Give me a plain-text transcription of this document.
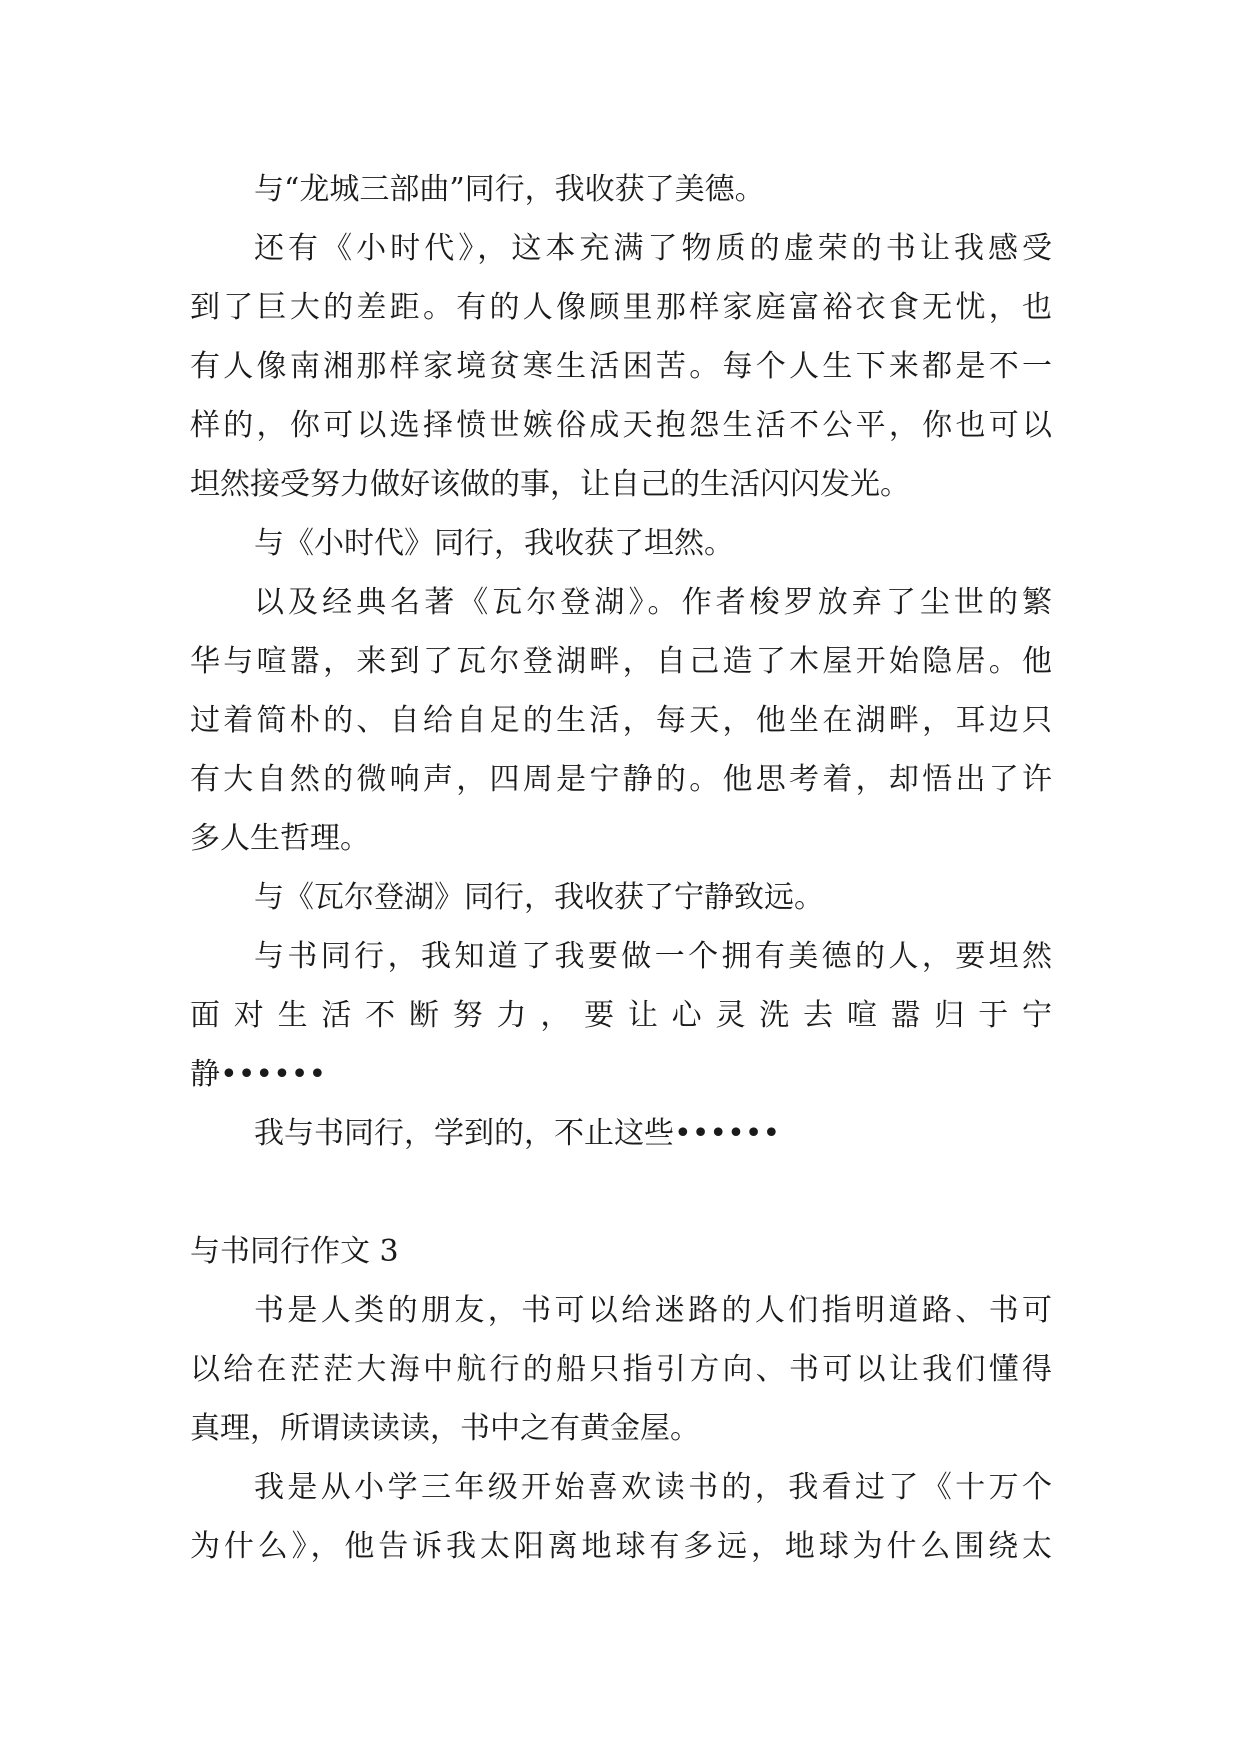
与“龙城三部曲”同行，我收获了美德。
还有《小时代》，这本充满了物质的虚荣的书让我感受
到了巨大的差距。有的人像顾里那样家庭富裕衣食无忧，也
有人像南湘那样家境贫寒生活困苦。每个人生下来都是不一
样的，你可以选择愤世嫉俗成天抱怨生活不公平，你也可以
坦然接受努力做好该做的事，让自己的生活闪闪发光。
与《小时代》同行，我收获了坦然。
以及经典名著《瓦尔登湖》。作者梭罗放弃了尘世的繁
华与喧嚣，来到了瓦尔登湖畔，自己造了木屋开始隐居。他
过着简朴的、自给自足的生活，每天，他坐在湖畔，耳边只
有大自然的微响声，四周是宁静的。他思考着，却悟出了许
多人生哲理。
与《瓦尔登湖》同行，我收获了宁静致远。
与书同行，我知道了我要做一个拥有美德的人，要坦然
面对生活不断努力，要让心灵洗去喧嚣归于宁
静••••••
我与书同行，学到的，不止这些••••••
与书同行作文 3
书是人类的朋友，书可以给迷路的人们指明道路、书可
以给在茫茫大海中航行的船只指引方向、书可以让我们懂得
真理，所谓读读读，书中之有黄金屋。
我是从小学三年级开始喜欢读书的，我看过了《十万个
为什么》，他告诉我太阳离地球有多远，地球为什么围绕太
